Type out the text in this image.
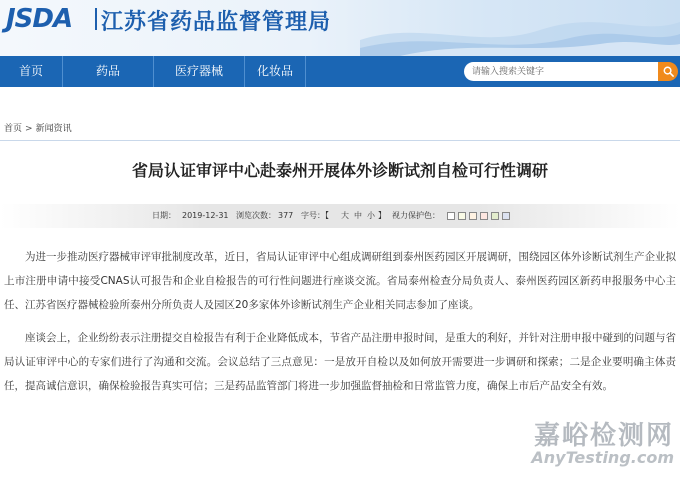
JSDA 江苏省药品监督管理局
首页	药品	医疗器械	化妆品
请输入搜索关键字
首页 > 新闻资讯
省局认证审评中心赴泰州开展体外诊断试剂自检可行性调研
日期： 2019-12-31 浏览次数： 377 字号：【 大 中 小 】 视力保护色：

为进一步推动医疗器械审评审批制度改革，近日，省局认证审评中心组成调研组到泰州医药园区开展调研，围绕园区体外诊断试剂生产企业拟上市注册申请中接受CNAS认可报告和企业自检报告的可行性问题进行座谈交流。省局泰州检查分局负责人、泰州医药园区新药申报服务中心主任、江苏省医疗器械检验所泰州分所负责人及园区20多家体外诊断试剂生产企业相关同志参加了座谈。

座谈会上，企业纷纷表示注册提交自检报告有利于企业降低成本，节省产品注册申报时间，是重大的利好，并针对注册申报中碰到的问题与省局认证审评中心的专家们进行了沟通和交流。会议总结了三点意见：一是放开自检以及如何放开需要进一步调研和探索；二是企业要明确主体责任，提高诚信意识，确保检验报告真实可信；三是药品监管部门将进一步加强监督抽检和日常监管力度，确保上市后产品安全有效。

嘉峪检测网
AnyTesting.com
